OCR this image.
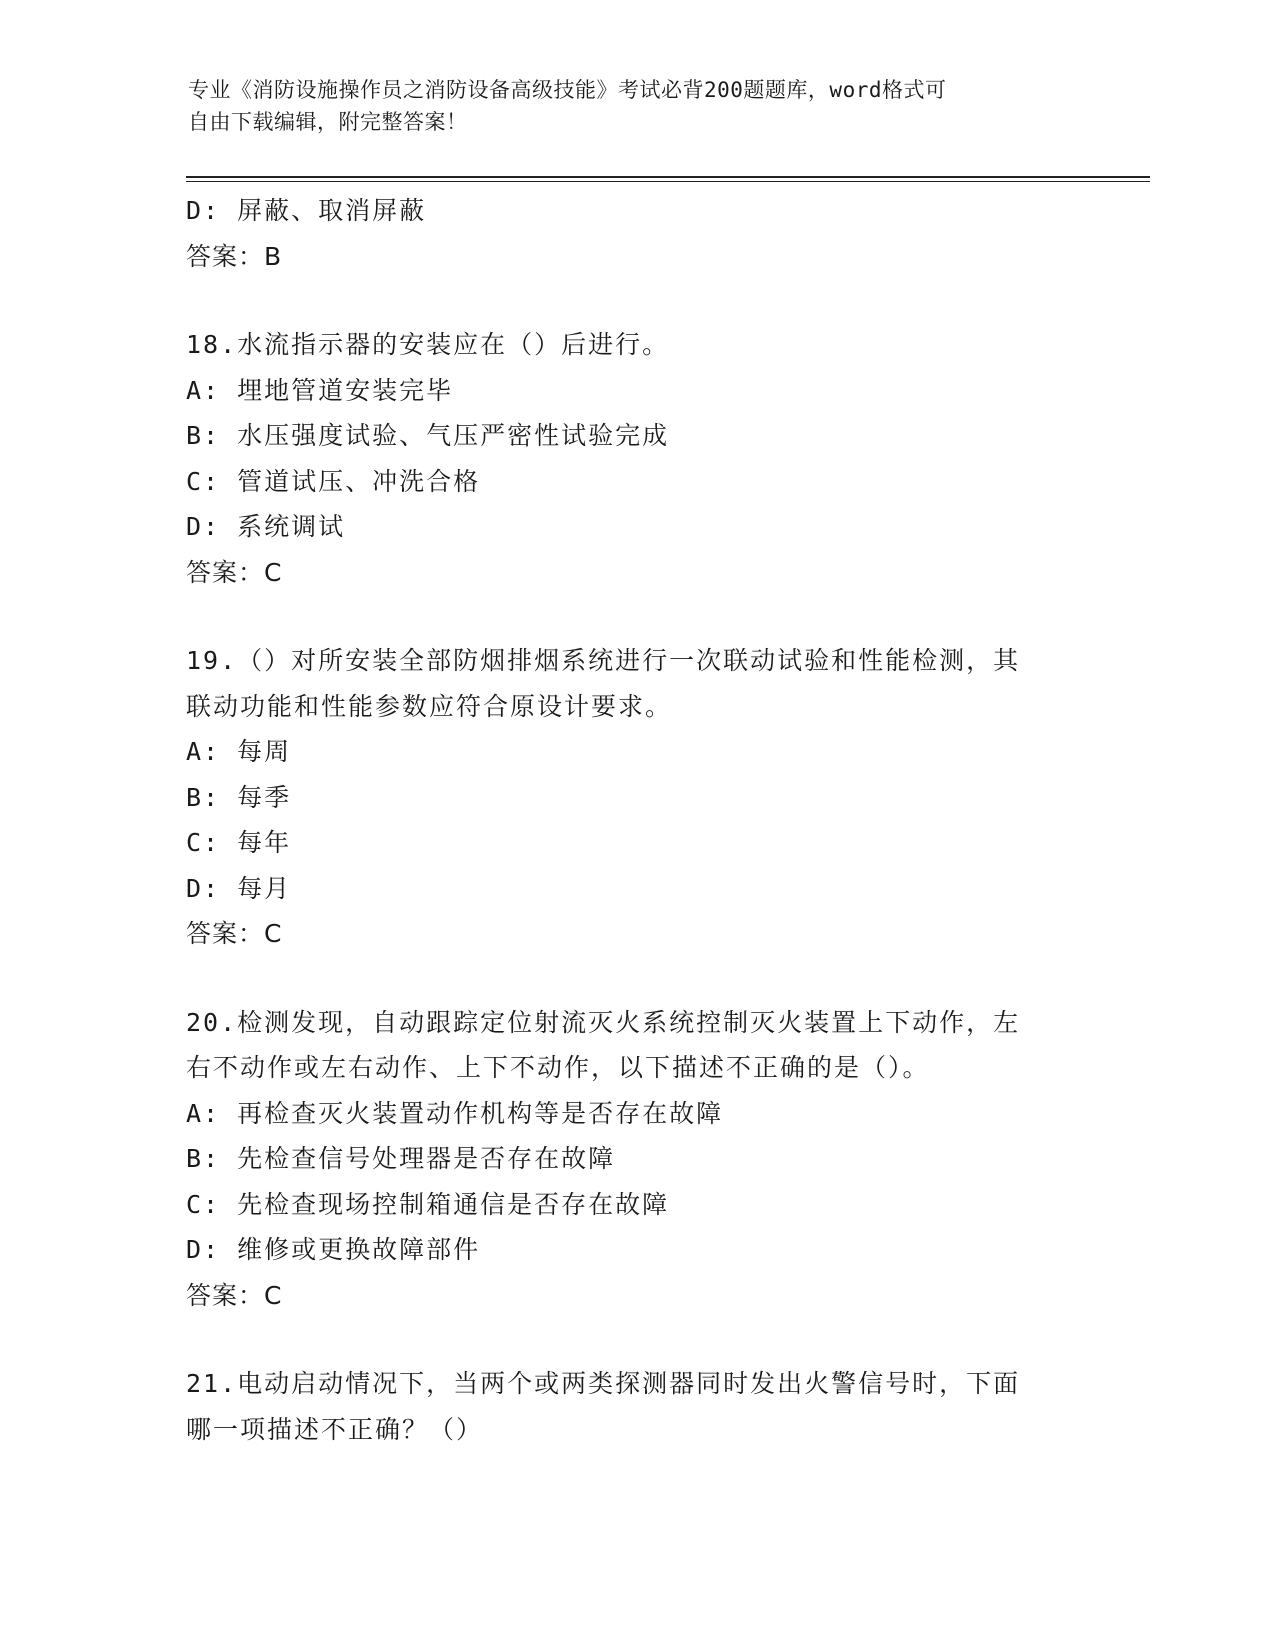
专业《消防设施操作员之消防设备高级技能》考试必背200题题库，word格式可
自由下载编辑，附完整答案！
D: 屏蔽、取消屏蔽
答案：B
18.水流指示器的安装应在（）后进行。
A: 埋地管道安装完毕
B: 水压强度试验、气压严密性试验完成
C: 管道试压、冲洗合格
D: 系统调试
答案：C
19.（）对所安装全部防烟排烟系统进行一次联动试验和性能检测，其
联动功能和性能参数应符合原设计要求。
A: 每周
B: 每季
C: 每年
D: 每月
答案：C
20.检测发现，自动跟踪定位射流灭火系统控制灭火装置上下动作，左
右不动作或左右动作、上下不动作，以下描述不正确的是（）。
A: 再检查灭火装置动作机构等是否存在故障
B: 先检查信号处理器是否存在故障
C: 先检查现场控制箱通信是否存在故障
D: 维修或更换故障部件
答案：C
21.电动启动情况下，当两个或两类探测器同时发出火警信号时，下面
哪一项描述不正确？（）
